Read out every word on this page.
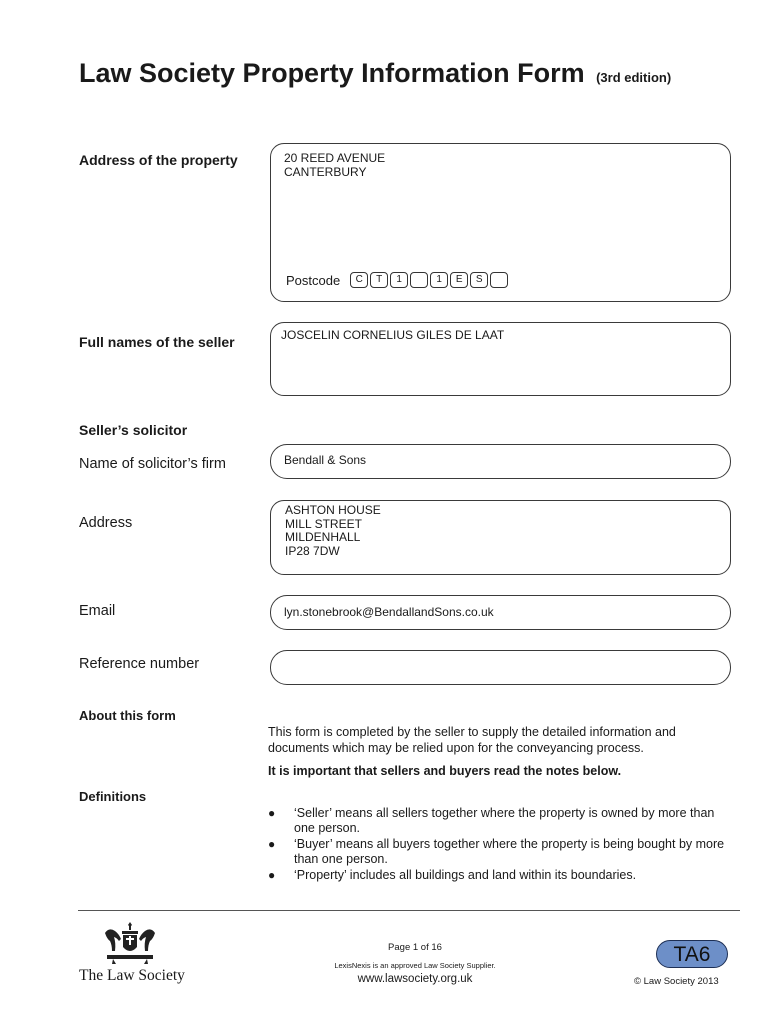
Law Society Property Information Form (3rd edition)
Address of the property	20 REED AVENUE
CANTERBURY
Postcode	C	T	1	1	E	S
Full names of the seller	JOSCELIN CORNELIUS GILES DE LAAT
Seller’s solicitor
Name of solicitor’s firm	Bendall & Sons
Address
ASHTON HOUSE
MILL STREET
MILDENHALL
IP28 7DW
Email	lyn.stonebrook@BendallandSons.co.uk
Reference number
About this form
This form is completed by the seller to supply the detailed information and documents which may be relied upon for the conveyancing process.
It is important that sellers and buyers read the notes below.
Definitions
● ‘Seller’ means all sellers together where the property is owned by more than one person.
● ‘Buyer’ means all buyers together where the property is being bought by more than one person.
● ‘Property’ includes all buildings and land within its boundaries.
The Law Society
Page 1 of 16
LexisNexis is an approved Law Society Supplier.
www.lawsociety.org.uk
TA6
© Law Society 2013
